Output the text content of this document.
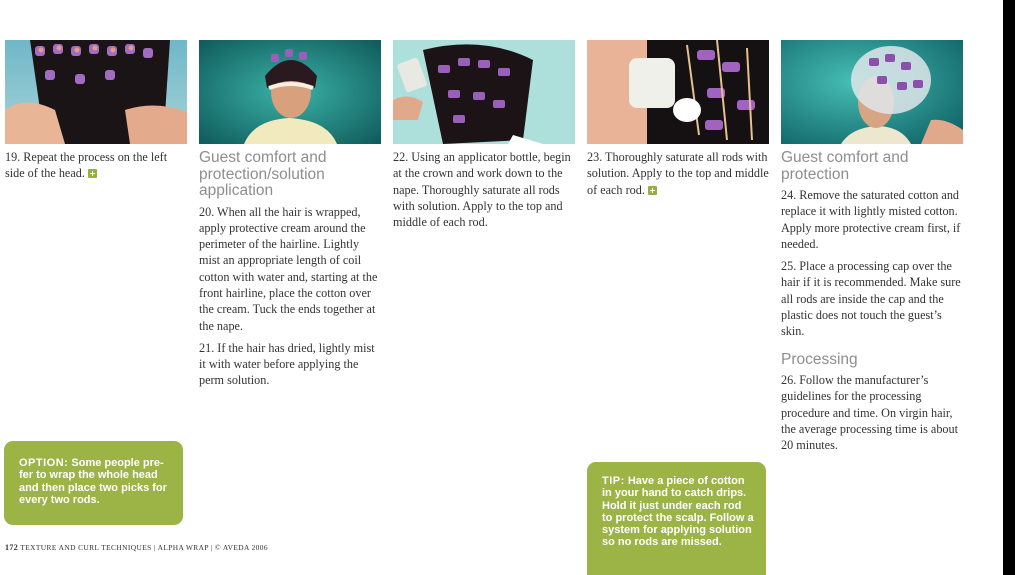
19. Repeat the process on the left side of the head.

Guest comfort and protection/solution application

20. When all the hair is wrapped, apply protective cream around the perimeter of the hairline. Lightly mist an appropriate length of coil cotton with water and, starting at the front hairline, place the cotton over the cream. Tuck the ends together at the nape.

21. If the hair has dried, lightly mist it with water before applying the perm solution.

22. Using an applicator bottle, begin at the crown and work down to the nape. Thoroughly saturate all rods with solution. Apply to the top and middle of each rod.

23. Thoroughly saturate all rods with solution. Apply to the top and middle of each rod.

Guest comfort and protection

24. Remove the saturated cotton and replace it with lightly misted cotton. Apply more protective cream first, if needed.

25. Place a processing cap over the hair if it is recommended. Make sure all rods are inside the cap and the plastic does not touch the guest’s skin.

Processing

26. Follow the manufacturer’s guidelines for the processing procedure and time. On virgin hair, the average processing time is about 20 minutes.

OPTION: Some people pre-fer to wrap the whole head and then place two picks for every two rods.
TIP: Have a piece of cotton in your hand to catch drips. Hold it just under each rod to protect the scalp. Follow a system for applying solution so no rods are missed.
172 TEXTURE AND CURL TECHNIQUES | ALPHA WRAP | © AVEDA 2006
